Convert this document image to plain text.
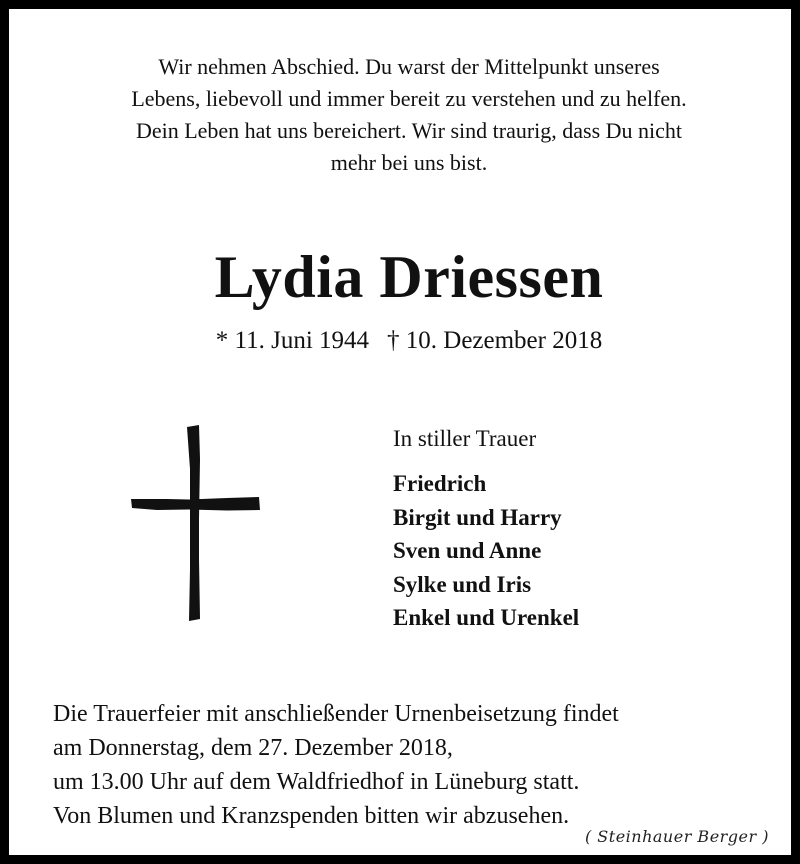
Wir nehmen Abschied. Du warst der Mittelpunkt unseres
Lebens, liebevoll und immer bereit zu verstehen und zu helfen.
Dein Leben hat uns bereichert. Wir sind traurig, dass Du nicht
mehr bei uns bist.
Lydia Driessen
* 11. Juni 1944 † 10. Dezember 2018
In stiller Trauer
Friedrich
Birgit und Harry
Sven und Anne
Sylke und Iris
Enkel und Urenkel
Die Trauerfeier mit anschließender Urnenbeisetzung findet
am Donnerstag, dem 27. Dezember 2018,
um 13.00 Uhr auf dem Waldfriedhof in Lüneburg statt.
Von Blumen und Kranzspenden bitten wir abzusehen.
( Steinhauer Berger )
